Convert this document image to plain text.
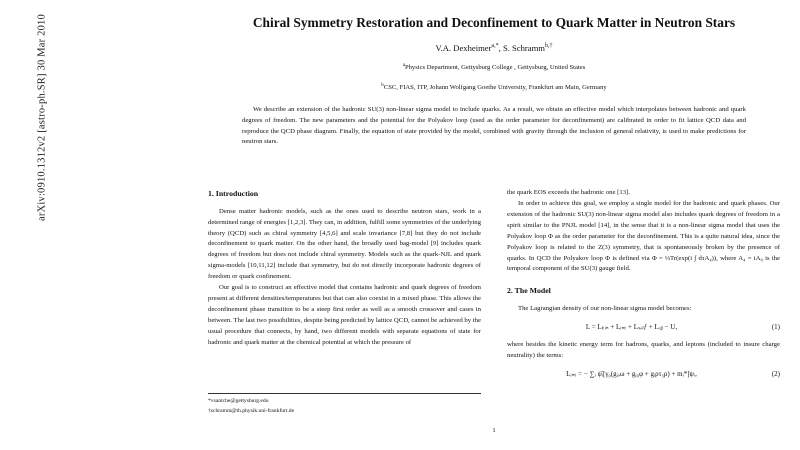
arXiv:0910.1312v2 [astro-ph.SR] 30 Mar 2010	Chiral Symmetry Restoration and Deconfinement to Quark Matter in Neutron Stars
V.A. Dexheimer$^{a,*}$, S. Schramm$^{b,\dagger}$
$^a$Physics Department, Gettysburg College , Gettysburg, United States
$^b$CSC, FIAS, ITP, Johann Wolfgang Goethe University, Frankfurt am Main, Germany
We describe an extension of the hadronic SU(3) non-linear sigma model to include quarks. As a result, we obtain an effective model which interpolates between hadronic and quark degrees of freedom. The new parameters and the potential for the Polyakov loop (used as the order parameter for deconfinement) are calibrated in order to fit lattice QCD data and reproduce the QCD phase diagram. Finally, the equation of state provided by the model, combined with gravity through the inclusion of general relativity, is used to make predictions for neutron stars.
1. Introduction

Dense matter hadronic models, such as the ones used to describe neutron stars, work in a determined range of energies [1,2,3]. They can, in addition, fulfill some symmetries of the underlying theory (QCD) such as chiral symmetry [4,5,6] and scale invariance [7,8] but they do not include deconfinement to quark matter. On the other hand, the broadly used bag-model [9] includes quark degrees of freedom but does not include chiral symmetry. Models such as the quark-NJL and quark sigma-models [10,11,12] include that symmetry, but do not directly incorporate hadronic degrees of freedom or quark confinement.

Our goal is to construct an effective model that contains hadronic and quark degrees of freedom present at different densities/temperatures but that can also coexist in a mixed phase. This allows the deconfinement phase transition to be a steep first order as well as a smooth crossover and cases in between. The last two possibilities, despite being predicted by lattice QCD, cannot be achieved by the usual procedure that connects, by hand, two different models with separate equations of state for hadronic and quark matter at the chemical potential at which the pressure of

the quark EOS exceeds the hadronic one [13].

In order to achieve this goal, we employ a single model for the hadronic and quark phases. Our extension of the hadronic SU(3) non-linear sigma model also includes quark degrees of freedom in a spirit similar to the PNJL model [14], in the sense that it is a non-linear sigma model that uses the Polyakov loop Φ as the order parameter for the deconfinement. This is a quite natural idea, since the Polyakov loop is related to the Z(3) symmetry, that is spontaneously broken by the presence of quarks. In QCD the Polyakov loop Φ is defined via Φ = ⅓Tr(exp(i ∫ dτA₄)), where A₄ = iA₀ is the temporal component of the SU(3) gauge field.

2. The Model

The Lagrangian density of our non-linear sigma model becomes:

L = Lₖᵢₙ + Lᵢₙₜ + Lₛₑₗƒ + Lₓᵦ − U,	(1)

where besides the kinetic energy term for hadrons, quarks, and leptons (included to insure charge neutrality) the terms:

Lᵢₙₜ = − ∑ᵢ ψ̄ᵢ[γ₀(gᵢₒω + gᵢ₀φ + gᵢρτ₃ρ) + mᵢ*]ψᵢ,	(2)
*vsantche@gettysburg.edu
†schramm@th.physik.uni-frankfurt.de
1
